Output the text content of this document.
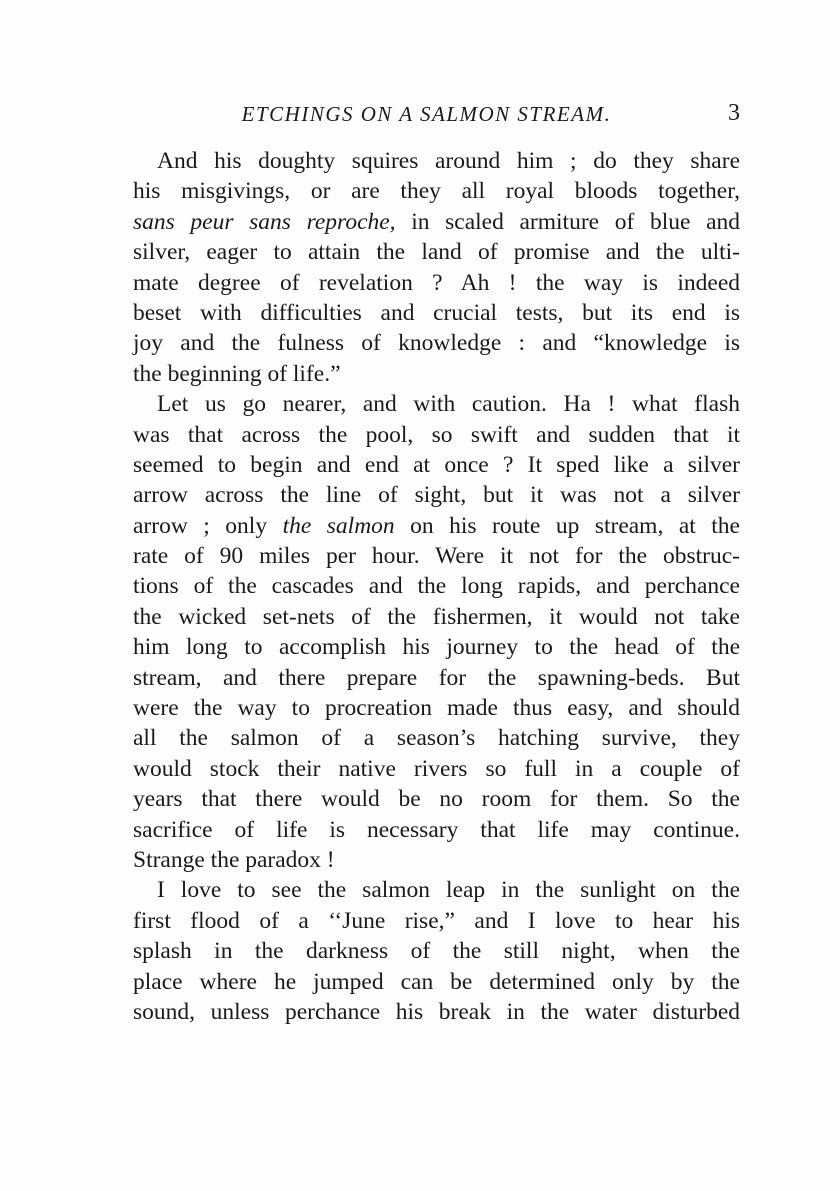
ETCHINGS ON A SALMON STREAM.	3
And his doughty squires around him ; do they share
his misgivings, or are they all royal bloods together,
sans peur sans reproche, in scaled armiture of blue and
silver, eager to attain the land of promise and the ulti-
mate degree of revelation ? Ah ! the way is indeed
beset with difficulties and crucial tests, but its end is
joy and the fulness of knowledge : and “knowledge is
the beginning of life.”
Let us go nearer, and with caution. Ha ! what flash
was that across the pool, so swift and sudden that it
seemed to begin and end at once ? It sped like a silver
arrow across the line of sight, but it was not a silver
arrow ; only the salmon on his route up stream, at the
rate of 90 miles per hour. Were it not for the obstruc-
tions of the cascades and the long rapids, and perchance
the wicked set-nets of the fishermen, it would not take
him long to accomplish his journey to the head of the
stream, and there prepare for the spawning-beds. But
were the way to procreation made thus easy, and should
all the salmon of a season’s hatching survive, they
would stock their native rivers so full in a couple of
years that there would be no room for them. So the
sacrifice of life is necessary that life may continue.
Strange the paradox !
I love to see the salmon leap in the sunlight on the
first flood of a ‘‘June rise,” and I love to hear his
splash in the darkness of the still night, when the
place where he jumped can be determined only by the
sound, unless perchance his break in the water disturbed
